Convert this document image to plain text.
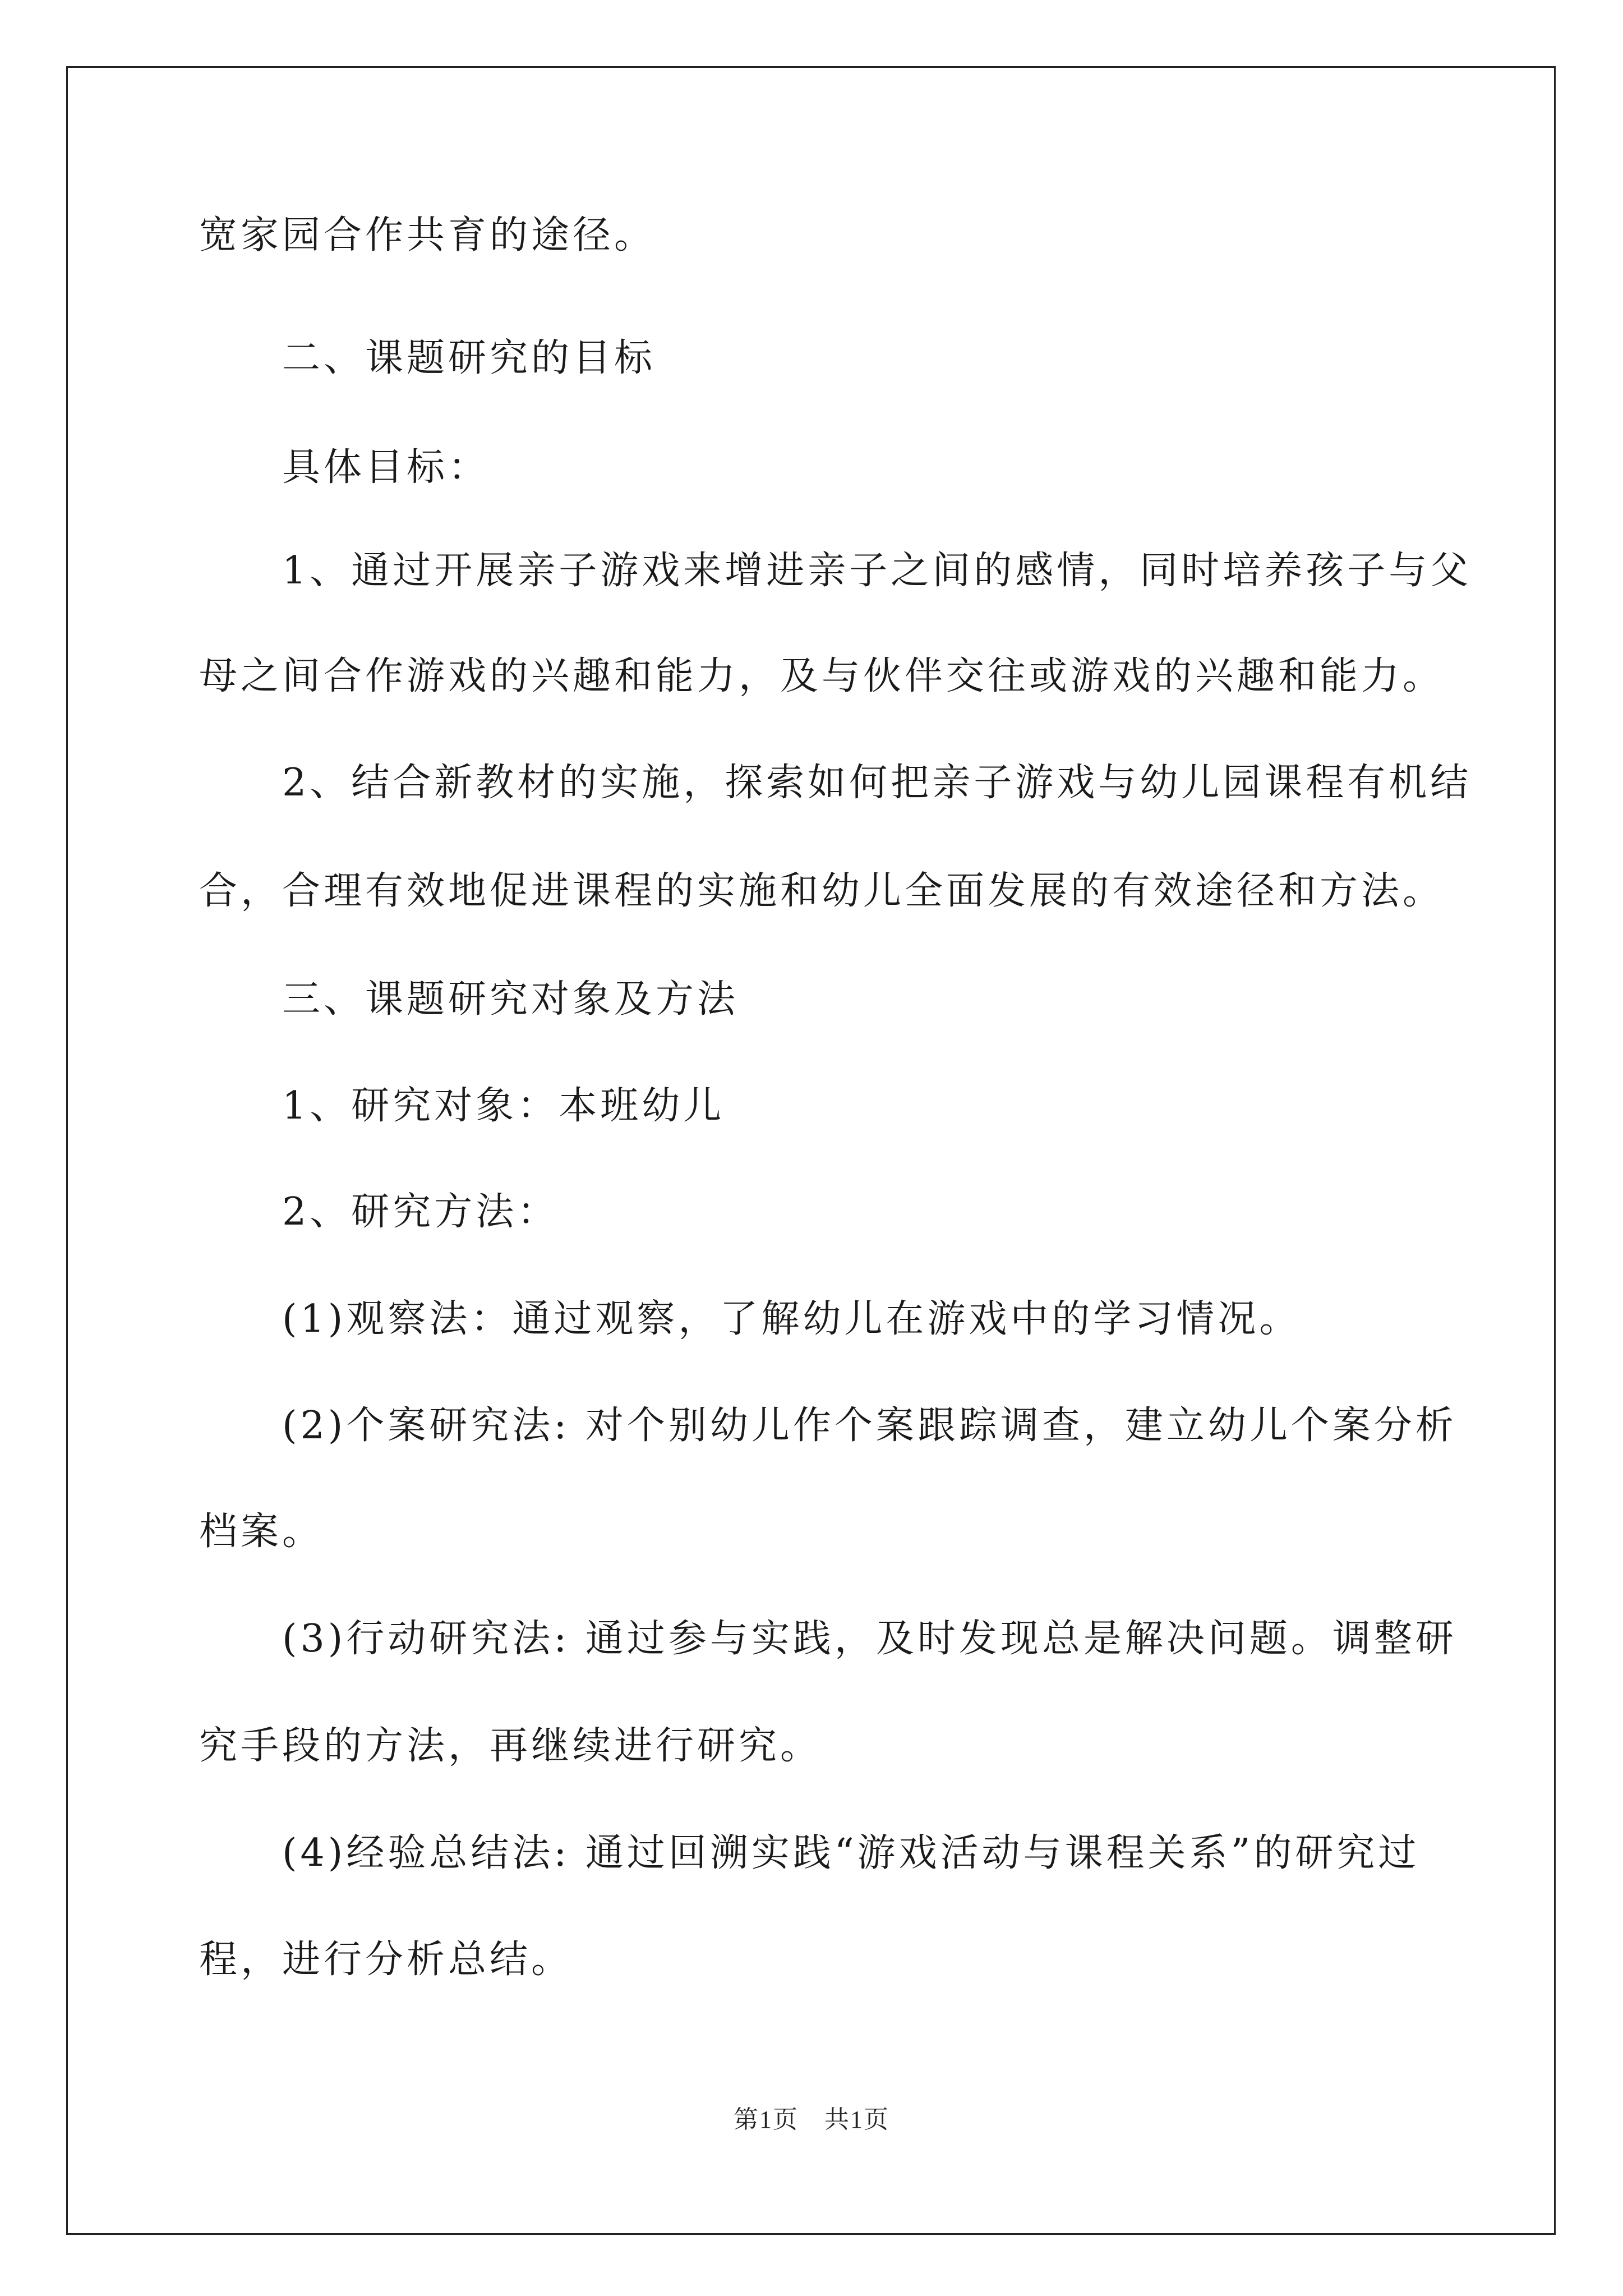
宽家园合作共育的途径。
二、课题研究的目标
具体目标：
1、通过开展亲子游戏来增进亲子之间的感情，同时培养孩子与父
母之间合作游戏的兴趣和能力，及与伙伴交往或游戏的兴趣和能力。
2、结合新教材的实施，探索如何把亲子游戏与幼儿园课程有机结
合，合理有效地促进课程的实施和幼儿全面发展的有效途径和方法。
三、课题研究对象及方法
1、研究对象：本班幼儿
2、研究方法：
(1)观察法：通过观察，了解幼儿在游戏中的学习情况。
(2)个案研究法: 对个别幼儿作个案跟踪调查，建立幼儿个案分析
档案。
(3)行动研究法: 通过参与实践，及时发现总是解决问题。调整研
究手段的方法，再继续进行研究。
(4)经验总结法: 通过回溯实践“游戏活动与课程关系”的研究过
程，进行分析总结。
第1页　共1页
